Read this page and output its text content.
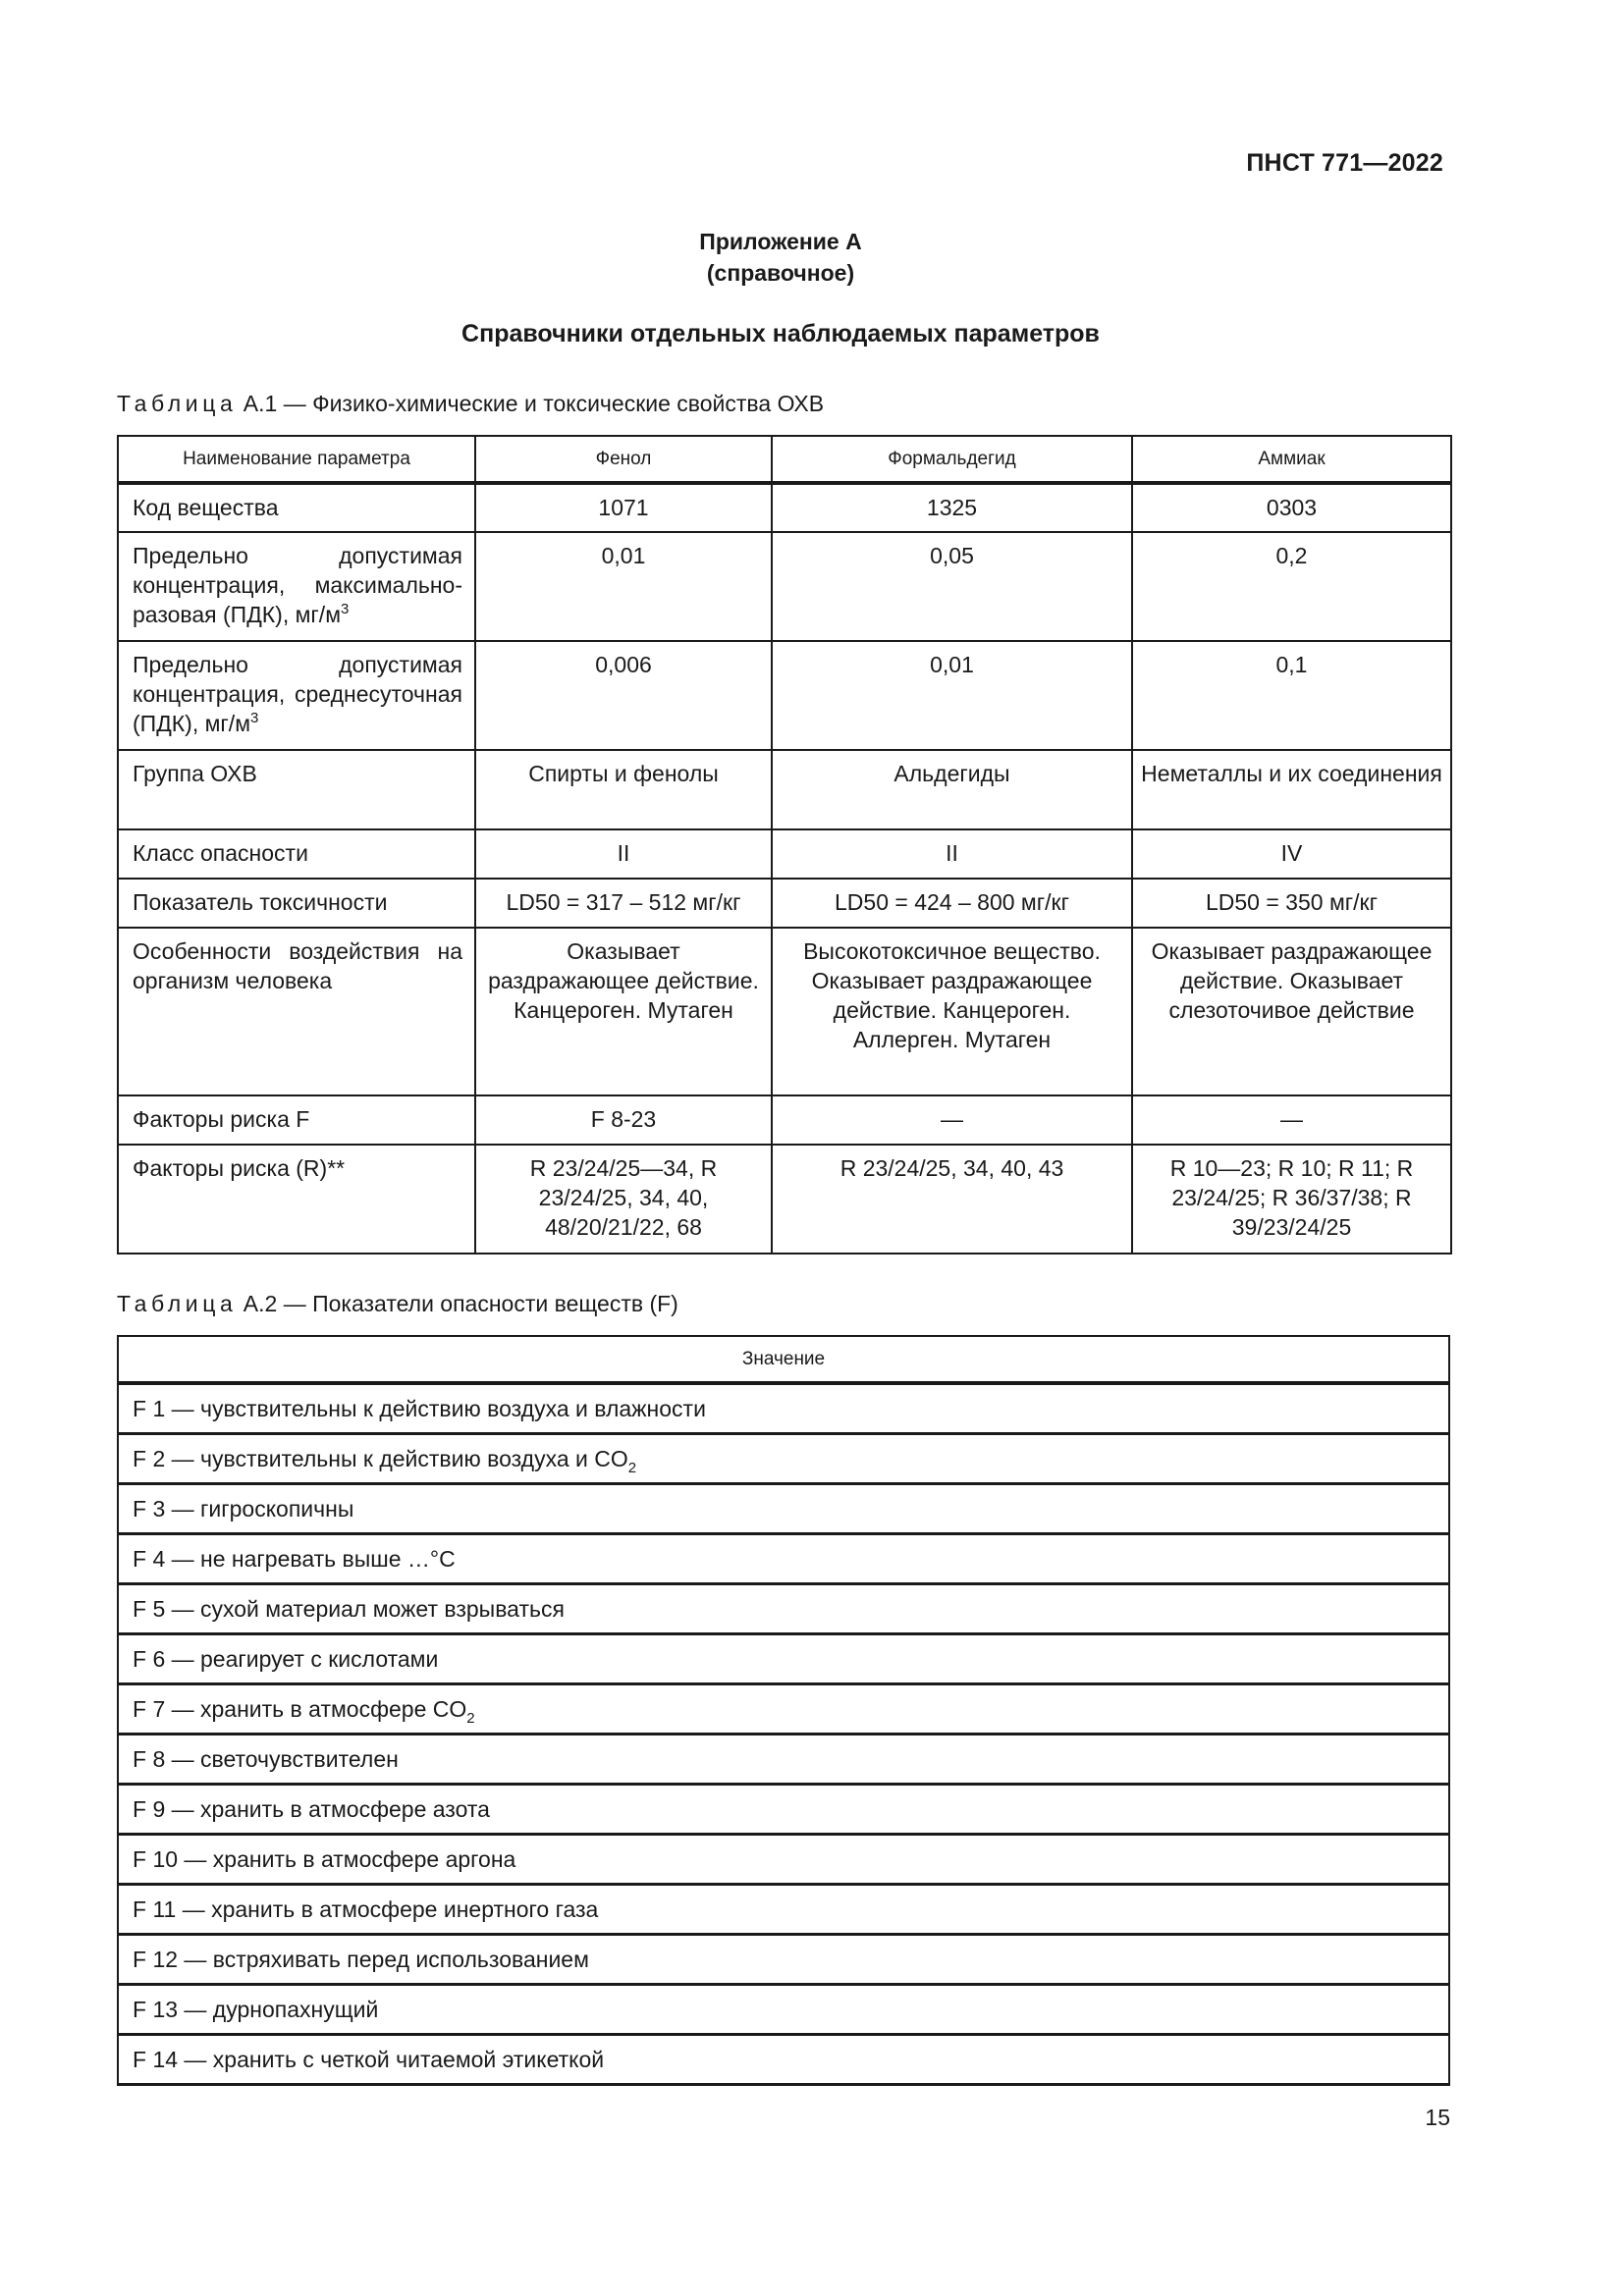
ПНСТ 771—2022
Приложение А
(справочное)
Справочники отдельных наблюдаемых параметров
Таблица А.1 — Физико-химические и токсические свойства ОХВ
Наименование параметра	Фенол	Формальдегид	Аммиак
Код вещества	1071	1325	0303
Предельно допустимая концентрация, максимально-разовая (ПДК), $мг/м^3$	0,01	0,05	0,2
Предельно допустимая концентрация, среднесуточная (ПДК), $мг/м^3$	0,006	0,01	0,1
Группа ОХВ	Спирты и фенолы	Альдегиды	Неметаллы и их соединения
Класс опасности	II	II	IV
Показатель токсичности	LD50 = 317 – 512 мг/кг	LD50 = 424 – 800 мг/кг	LD50 = 350 мг/кг
Особенности воздействия на организм человека	Оказывает раздражающее действие. Канцероген. Мутаген	Высокотоксичное вещество. Оказывает раздражающее действие. Канцероген. Аллерген. Мутаген	Оказывает раздражающее действие. Оказывает слезоточивое действие
Факторы риска F	F 8-23	—	—
Факторы риска (R)**	R 23/24/25—34, R 23/24/25, 34, 40, 48/20/21/22, 68	R 23/24/25, 34, 40, 43	R 10—23; R 10; R 11; R 23/24/25; R 36/37/38; R 39/23/24/25
Таблица А.2 — Показатели опасности веществ (F)
Значение
F 1 — чувствительны к действию воздуха и влажности
F 2 — чувствительны к действию воздуха и $CO_2$
F 3 — гигроскопичны
F 4 — не нагревать выше …°С
F 5 — сухой материал может взрываться
F 6 — реагирует с кислотами
F 7 — хранить в атмосфере $CO_2$
F 8 — светочувствителен
F 9 — хранить в атмосфере азота
F 10 — хранить в атмосфере аргона
F 11 — хранить в атмосфере инертного газа
F 12 — встряхивать перед использованием
F 13 — дурнопахнущий
F 14 — хранить с четкой читаемой этикеткой
15
